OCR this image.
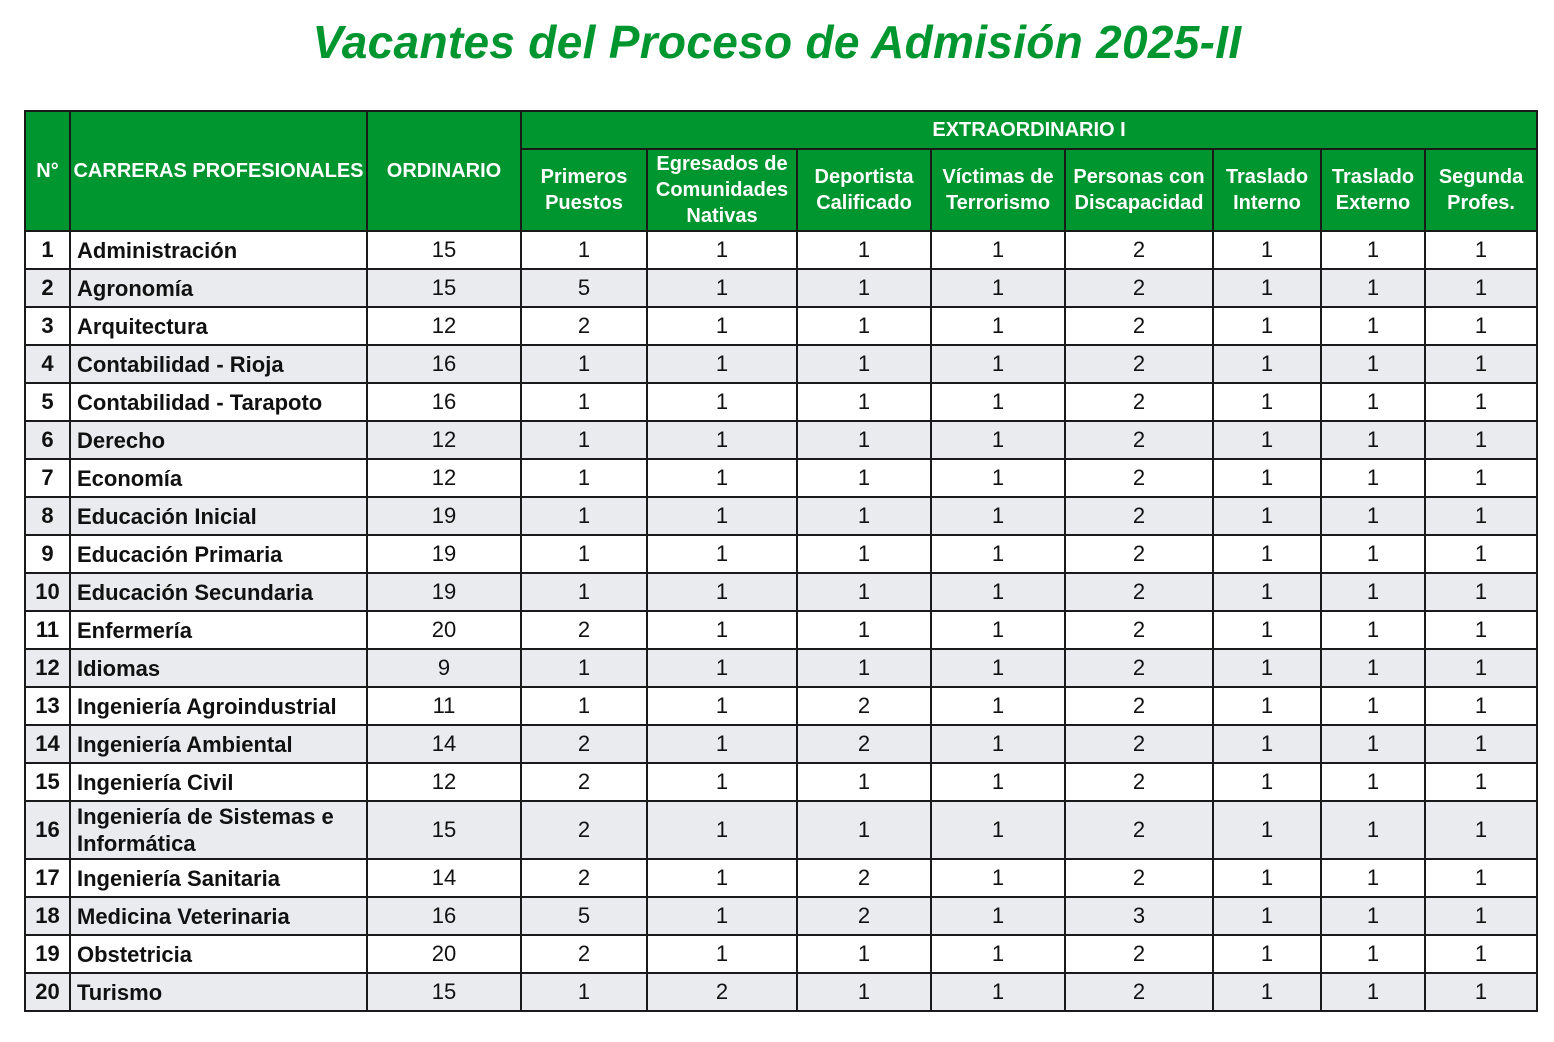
Vacantes del Proceso de Admisión 2025-II
N°	CARRERAS PROFESIONALES	ORDINARIO	EXTRAORDINARIO I							
			Primeros Puestos	Egresados de Comunidades Nativas	Deportista Calificado	Víctimas de Terrorismo	Personas con Discapacidad	Traslado Interno	Traslado Externo	Segunda Profes.
1	Administración	15	1	1	1	1	2	1	1	1
2	Agronomía	15	5	1	1	1	2	1	1	1
3	Arquitectura	12	2	1	1	1	2	1	1	1
4	Contabilidad - Rioja	16	1	1	1	1	2	1	1	1
5	Contabilidad - Tarapoto	16	1	1	1	1	2	1	1	1
6	Derecho	12	1	1	1	1	2	1	1	1
7	Economía	12	1	1	1	1	2	1	1	1
8	Educación Inicial	19	1	1	1	1	2	1	1	1
9	Educación Primaria	19	1	1	1	1	2	1	1	1
10	Educación Secundaria	19	1	1	1	1	2	1	1	1
11	Enfermería	20	2	1	1	1	2	1	1	1
12	Idiomas	9	1	1	1	1	2	1	1	1
13	Ingeniería Agroindustrial	11	1	1	2	1	2	1	1	1
14	Ingeniería Ambiental	14	2	1	2	1	2	1	1	1
15	Ingeniería Civil	12	2	1	1	1	2	1	1	1
16	Ingeniería de Sistemas e Informática	15	2	1	1	1	2	1	1	1
17	Ingeniería Sanitaria	14	2	1	2	1	2	1	1	1
18	Medicina Veterinaria	16	5	1	2	1	3	1	1	1
19	Obstetricia	20	2	1	1	1	2	1	1	1
20	Turismo	15	1	2	1	1	2	1	1	1
